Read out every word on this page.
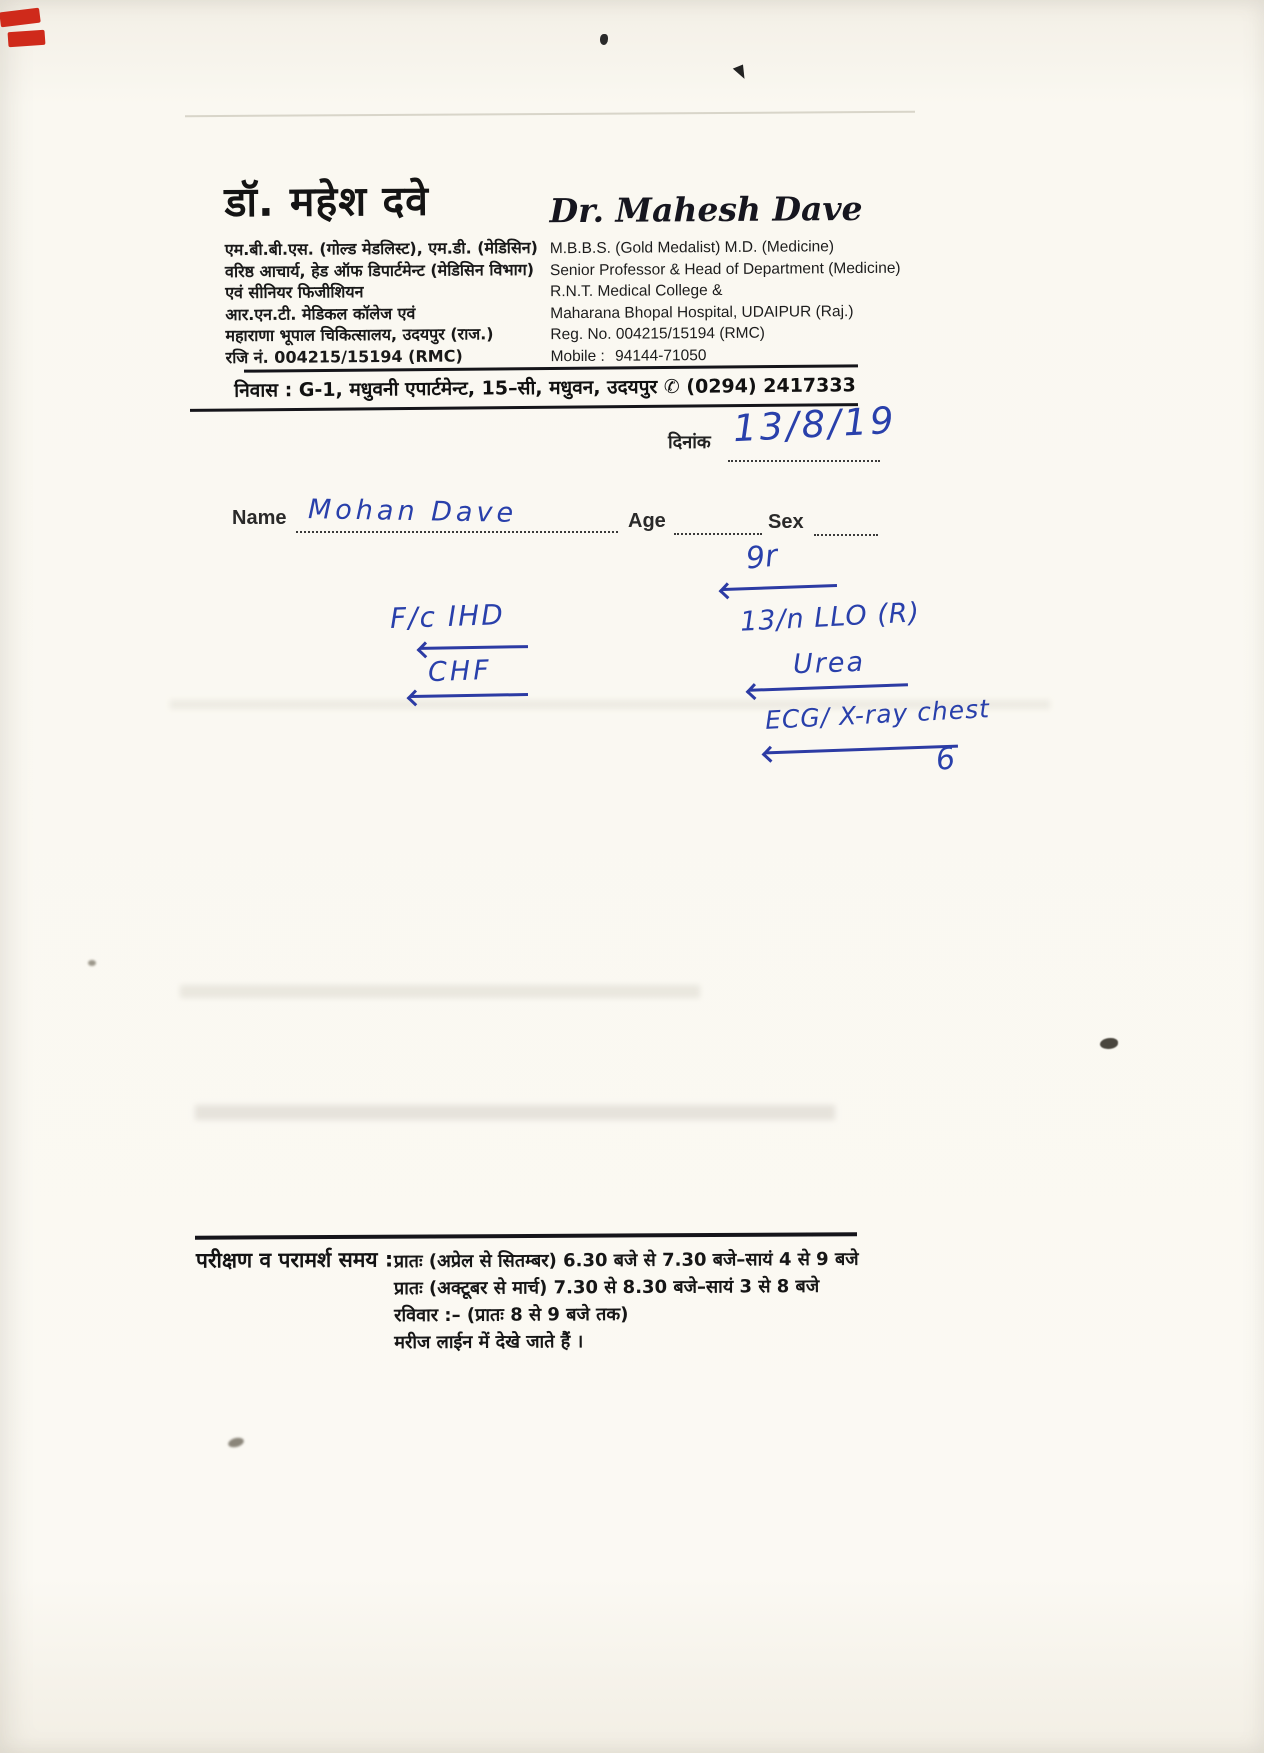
डॉ. महेश दवे
एम.बी.बी.एस. (गोल्ड मेडलिस्ट), एम.डी. (मेडिसिन)
वरिष्ठ आचार्य, हेड ऑफ डिपार्टमेन्ट (मेडिसिन विभाग)
एवं सीनियर फिजीशियन
आर.एन.टी. मेडिकल कॉलेज एवं
महाराणा भूपाल चिकित्सालय, उदयपुर (राज.)
रजि नं. 004215/15194 (RMC)
Dr. Mahesh Dave
M.B.B.S. (Gold Medalist) M.D. (Medicine)
Senior Professor & Head of Department (Medicine)
R.N.T. Medical College &
Maharana Bhopal Hospital, UDAIPUR (Raj.)
Reg. No. 004215/15194 (RMC)
Mobile : 94144-71050
निवास : G-1, मधुवनी एपार्टमेन्ट, 15–सी, मधुवन, उदयपुर ✆ (0294) 2417333
दिनांक 13/8/19
Name	Age	Sex
Mohan Dave
9r
F/c IHD
CHF
13/n LLO (R)
Urea
ECG/ X-ray chest
6
परीक्षण व परामर्श समय : प्रातः (अप्रेल से सितम्बर) 6.30 बजे से 7.30 बजे–सायं 4 से 9 बजे
प्रातः (अक्टूबर से मार्च) 7.30 से 8.30 बजे–सायं 3 से 8 बजे
रविवार :– (प्रातः 8 से 9 बजे तक)
मरीज लाईन में देखे जाते हैं ।
